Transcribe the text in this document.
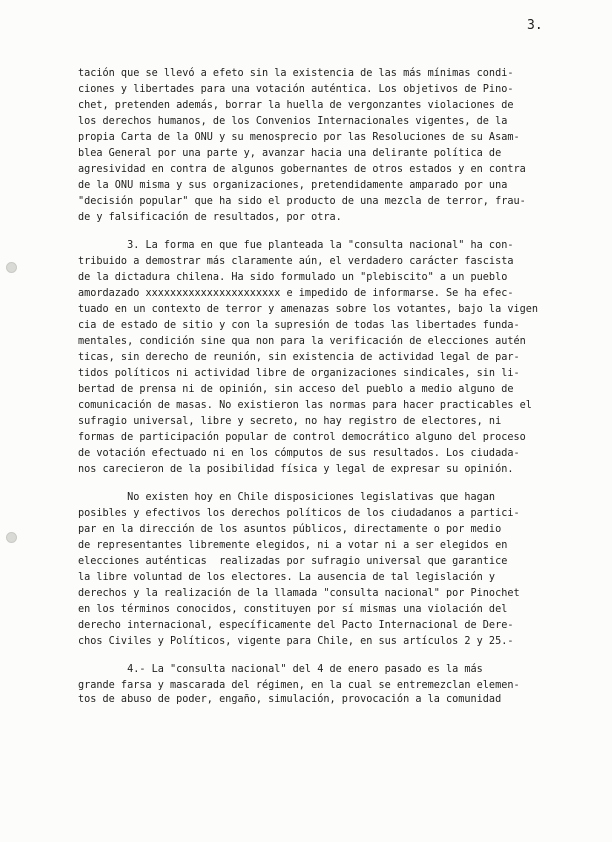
3.
tación que se llevó a efeto sin la existencia de las más mínimas condi-
ciones y libertades para una votación auténtica. Los objetivos de Pino-
chet, pretenden además, borrar la huella de vergonzantes violaciones de
los derechos humanos, de los Convenios Internacionales vigentes, de la
propia Carta de la ONU y su menosprecio por las Resoluciones de su Asam-
blea General por una parte y, avanzar hacia una delirante política de
agresividad en contra de algunos gobernantes de otros estados y en contra
de la ONU misma y sus organizaciones, pretendidamente amparado por una
"decisión popular" que ha sido el producto de una mezcla de terror, frau-
de y falsificación de resultados, por otra.
3. La forma en que fue planteada la "consulta nacional" ha con-
tribuido a demostrar más claramente aún, el verdadero carácter fascista
de la dictadura chilena. Ha sido formulado un "plebiscito" a un pueblo
amordazado xxxxxxxxxxxxxxxxxxxxxx e impedido de informarse. Se ha efec-
tuado en un contexto de terror y amenazas sobre los votantes, bajo la vigen
cia de estado de sitio y con la supresión de todas las libertades funda-
mentales, condición sine qua non para la verificación de elecciones autén
ticas, sin derecho de reunión, sin existencia de actividad legal de par-
tidos políticos ni actividad libre de organizaciones sindicales, sin li-
bertad de prensa ni de opinión, sin acceso del pueblo a medio alguno de
comunicación de masas. No existieron las normas para hacer practicables el
sufragio universal, libre y secreto, no hay registro de electores, ni
formas de participación popular de control democrático alguno del proceso
de votación efectuado ni en los cómputos de sus resultados. Los ciudada-
nos carecieron de la posibilidad física y legal de expresar su opinión.
No existen hoy en Chile disposiciones legislativas que hagan
posibles y efectivos los derechos políticos de los ciudadanos a partici-
par en la dirección de los asuntos públicos, directamente o por medio
de representantes libremente elegidos, ni a votar ni a ser elegidos en
elecciones auténticas  realizadas por sufragio universal que garantice
la libre voluntad de los electores. La ausencia de tal legislación y
derechos y la realización de la llamada "consulta nacional" por Pinochet
en los términos conocidos, constituyen por sí mismas una violación del
derecho internacional, específicamente del Pacto Internacional de Dere-
chos Civiles y Políticos, vigente para Chile, en sus artículos 2 y 25.-
4.- La "consulta nacional" del 4 de enero pasado es la más
grande farsa y mascarada del régimen, en la cual se entremezclan elemen-
tos de abuso de poder, engaño, simulación, provocación a la comunidad
